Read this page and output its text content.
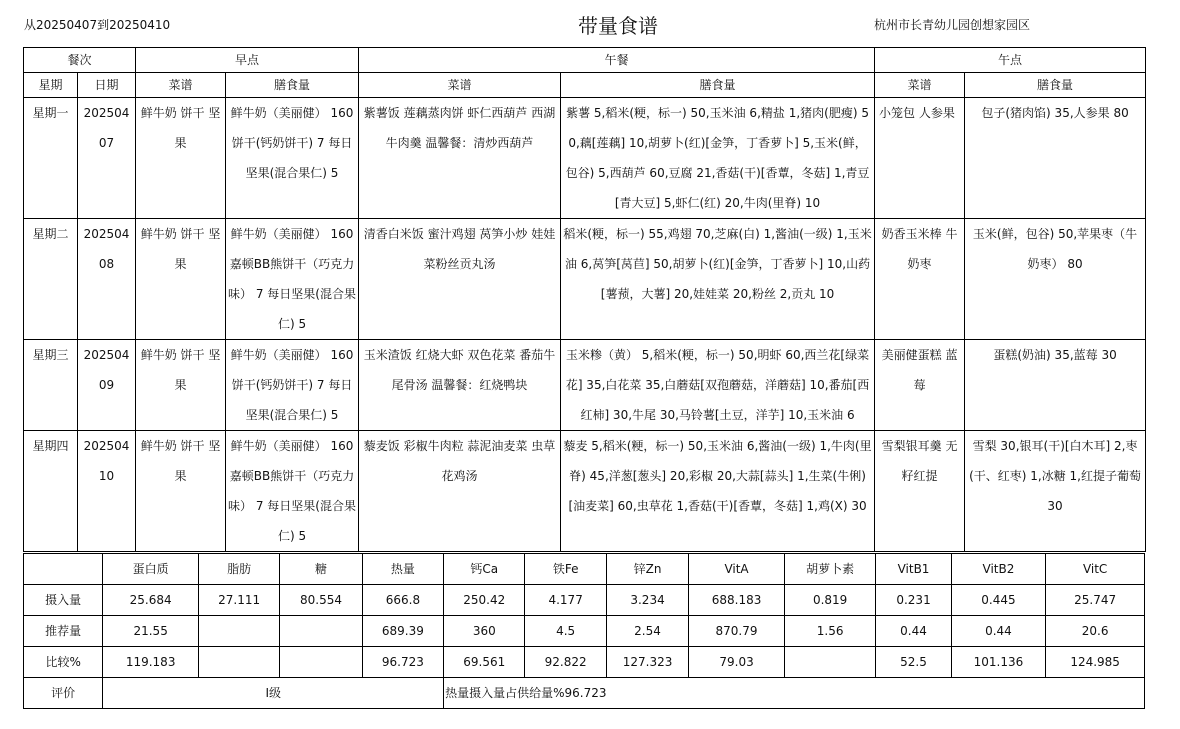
从20250407到20250410	带量食谱	杭州市长青幼儿园创想家园区
餐次		早点		午餐		午点	
星期	日期	菜谱	膳食量	菜谱	膳食量	菜谱	膳食量
星期一	20250407	鲜牛奶 饼干 坚果	鲜牛奶（美丽健） 160 饼干(钙奶饼干) 7 每日坚果(混合果仁) 5	紫薯饭 莲藕蒸肉饼 虾仁西葫芦 西湖牛肉羹 温馨餐：清炒西葫芦	紫薯 5,稻米(粳，标一) 50,玉米油 6,精盐 1,猪肉(肥瘦) 50,藕[莲藕] 10,胡萝卜(红)[金笋，丁香萝卜] 5,玉米(鲜，包谷) 5,西葫芦 60,豆腐 21,香菇(干)[香蕈，冬菇] 1,青豆[青大豆] 5,虾仁(红) 20,牛肉(里脊) 10	小笼包 人参果	包子(猪肉馅) 35,人参果 80
星期二	20250408	鲜牛奶 饼干 坚果	鲜牛奶（美丽健） 160 嘉顿BB熊饼干（巧克力味） 7 每日坚果(混合果仁) 5	清香白米饭 蜜汁鸡翅 莴笋小炒 娃娃菜粉丝贡丸汤	稻米(粳，标一) 55,鸡翅 70,芝麻(白) 1,酱油(一级) 1,玉米油 6,莴笋[莴苣] 50,胡萝卜(红)[金笋，丁香萝卜] 10,山药[薯蓣，大薯] 20,娃娃菜 20,粉丝 2,贡丸 10	奶香玉米棒 牛奶枣	玉米(鲜，包谷) 50,苹果枣（牛奶枣） 80
星期三	20250409	鲜牛奶 饼干 坚果	鲜牛奶（美丽健） 160 饼干(钙奶饼干) 7 每日坚果(混合果仁) 5	玉米渣饭 红烧大虾 双色花菜 番茄牛尾骨汤 温馨餐：红烧鸭块	玉米糁（黄） 5,稻米(粳，标一) 50,明虾 60,西兰花[绿菜花] 35,白花菜 35,白蘑菇[双孢蘑菇，洋蘑菇] 10,番茄[西红柿] 30,牛尾 30,马铃薯[土豆，洋芋] 10,玉米油 6	美丽健蛋糕 蓝莓	蛋糕(奶油) 35,蓝莓 30
星期四	20250410	鲜牛奶 饼干 坚果	鲜牛奶（美丽健） 160 嘉顿BB熊饼干（巧克力味） 7 每日坚果(混合果仁) 5	藜麦饭 彩椒牛肉粒 蒜泥油麦菜 虫草花鸡汤	藜麦 5,稻米(粳，标一) 50,玉米油 6,酱油(一级) 1,牛肉(里脊) 45,洋葱[葱头] 20,彩椒 20,大蒜[蒜头] 1,生菜(牛俐)[油麦菜] 60,虫草花 1,香菇(干)[香蕈，冬菇] 1,鸡(X) 30	雪梨银耳羹 无籽红提	雪梨 30,银耳(干)[白木耳] 2,枣(干、红枣) 1,冰糖 1,红提子葡萄 30
	蛋白质	脂肪	糖	热量	钙Ca	铁Fe	锌Zn	VitA	胡萝卜素	VitB1	VitB2	VitC
摄入量	25.684	27.111	80.554	666.8	250.42	4.177	3.234	688.183	0.819	0.231	0.445	25.747
推荐量	21.55			689.39	360	4.5	2.54	870.79	1.56	0.44	0.44	20.6
比较%	119.183			96.723	69.561	92.822	127.323	79.03		52.5	101.136	124.985
评价	I级				热量摄入量占供给量%96.723							
